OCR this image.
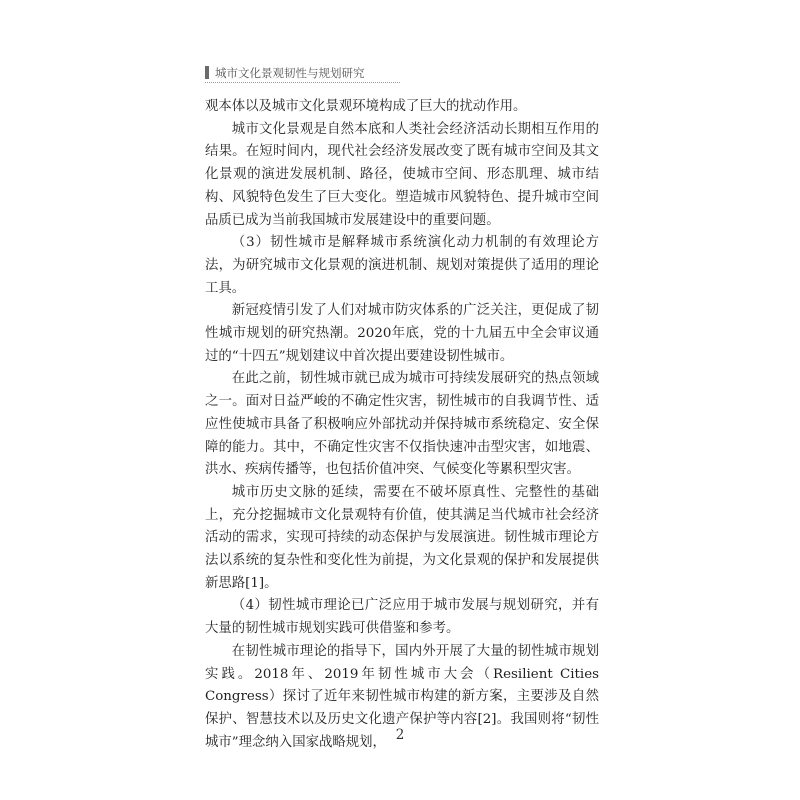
城市文化景观韧性与规划研究

观本体以及城市文化景观环境构成了巨大的扰动作用。

城市文化景观是自然本底和人类社会经济活动长期相互作用的结果。在短时间内，现代社会经济发展改变了既有城市空间及其文化景观的演进发展机制、路径，使城市空间、形态肌理、城市结构、风貌特色发生了巨大变化。塑造城市风貌特色、提升城市空间品质已成为当前我国城市发展建设中的重要问题。

（3）韧性城市是解释城市系统演化动力机制的有效理论方法，为研究城市文化景观的演进机制、规划对策提供了适用的理论工具。

新冠疫情引发了人们对城市防灾体系的广泛关注，更促成了韧性城市规划的研究热潮。2020年底，党的十九届五中全会审议通过的“十四五”规划建议中首次提出要建设韧性城市。

在此之前，韧性城市就已成为城市可持续发展研究的热点领域之一。面对日益严峻的不确定性灾害，韧性城市的自我调节性、适应性使城市具备了积极响应外部扰动并保持城市系统稳定、安全保障的能力。其中，不确定性灾害不仅指快速冲击型灾害，如地震、洪水、疾病传播等，也包括价值冲突、气候变化等累积型灾害。

城市历史文脉的延续，需要在不破坏原真性、完整性的基础上，充分挖掘城市文化景观特有价值，使其满足当代城市社会经济活动的需求，实现可持续的动态保护与发展演进。韧性城市理论方法以系统的复杂性和变化性为前提，为文化景观的保护和发展提供新思路[1]。

（4）韧性城市理论已广泛应用于城市发展与规划研究，并有大量的韧性城市规划实践可供借鉴和参考。

在韧性城市理论的指导下，国内外开展了大量的韧性城市规划实践。2018年、2019年韧性城市大会（Resilient Cities Congress）探讨了近年来韧性城市构建的新方案，主要涉及自然保护、智慧技术以及历史文化遗产保护等内容[2]。我国则将“韧性城市”理念纳入国家战略规划， 2
